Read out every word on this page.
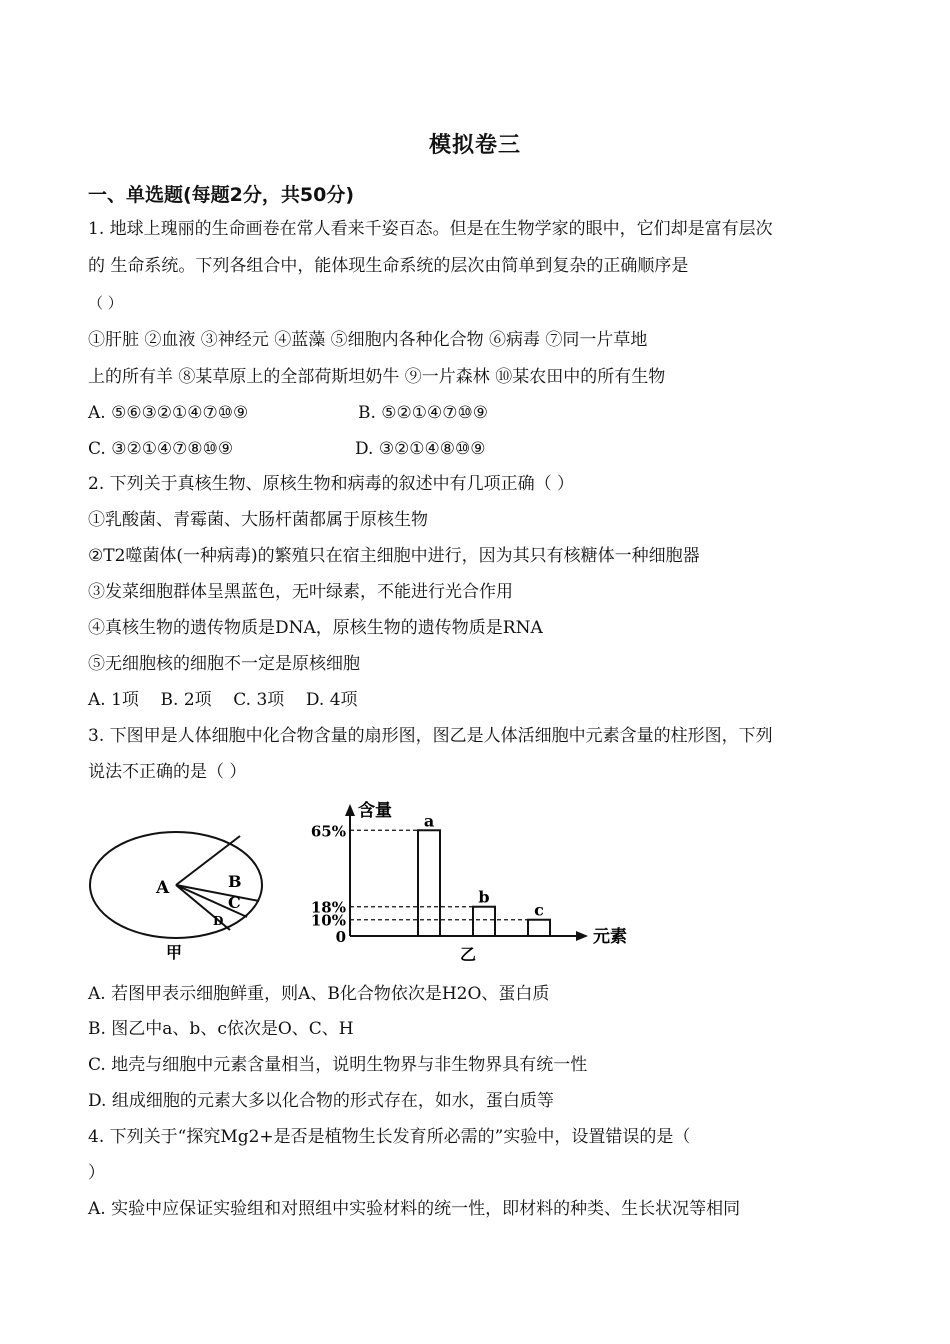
模拟卷三
一、单选题(每题2分，共50分)
1. 地球上瑰丽的生命画卷在常人看来千姿百态。但是在生物学家的眼中，它们却是富有层次
的 生命系统。下列各组合中，能体现生命系统的层次由简单到复杂的正确顺序是
（ ）
①肝脏 ②血液 ③神经元 ④蓝藻 ⑤细胞内各种化合物 ⑥病毒 ⑦同一片草地
上的所有羊 ⑧某草原上的全部荷斯坦奶牛 ⑨一片森林 ⑩某农田中的所有生物
A. ⑤⑥③②①④⑦⑩⑨	B. ⑤②①④⑦⑩⑨
C. ③②①④⑦⑧⑩⑨	D. ③②①④⑧⑩⑨
2. 下列关于真核生物、原核生物和病毒的叙述中有几项正确（ ）
①乳酸菌、青霉菌、大肠杆菌都属于原核生物
②T2噬菌体(一种病毒)的繁殖只在宿主细胞中进行，因为其只有核糖体一种细胞器
③发菜细胞群体呈黑蓝色，无叶绿素，不能进行光合作用
④真核生物的遗传物质是DNA，原核生物的遗传物质是RNA
⑤无细胞核的细胞不一定是原核细胞
A. 1项    B. 2项    C. 3项    D. 4项
3. 下图甲是人体细胞中化合物含量的扇形图，图乙是人体活细胞中元素含量的柱形图，下列
说法不正确的是（ ）
A	B
C
D
甲
含量
元素
乙
a
b
c
65%
18%
10%
0
A. 若图甲表示细胞鲜重，则A、B化合物依次是H2O、蛋白质
B. 图乙中a、b、c依次是O、C、H
C. 地壳与细胞中元素含量相当，说明生物界与非生物界具有统一性
D. 组成细胞的元素大多以化合物的形式存在，如水，蛋白质等
4. 下列关于“探究Mg2+是否是植物生长发育所必需的”实验中，设置错误的是（
）
A. 实验中应保证实验组和对照组中实验材料的统一性，即材料的种类、生长状况等相同
